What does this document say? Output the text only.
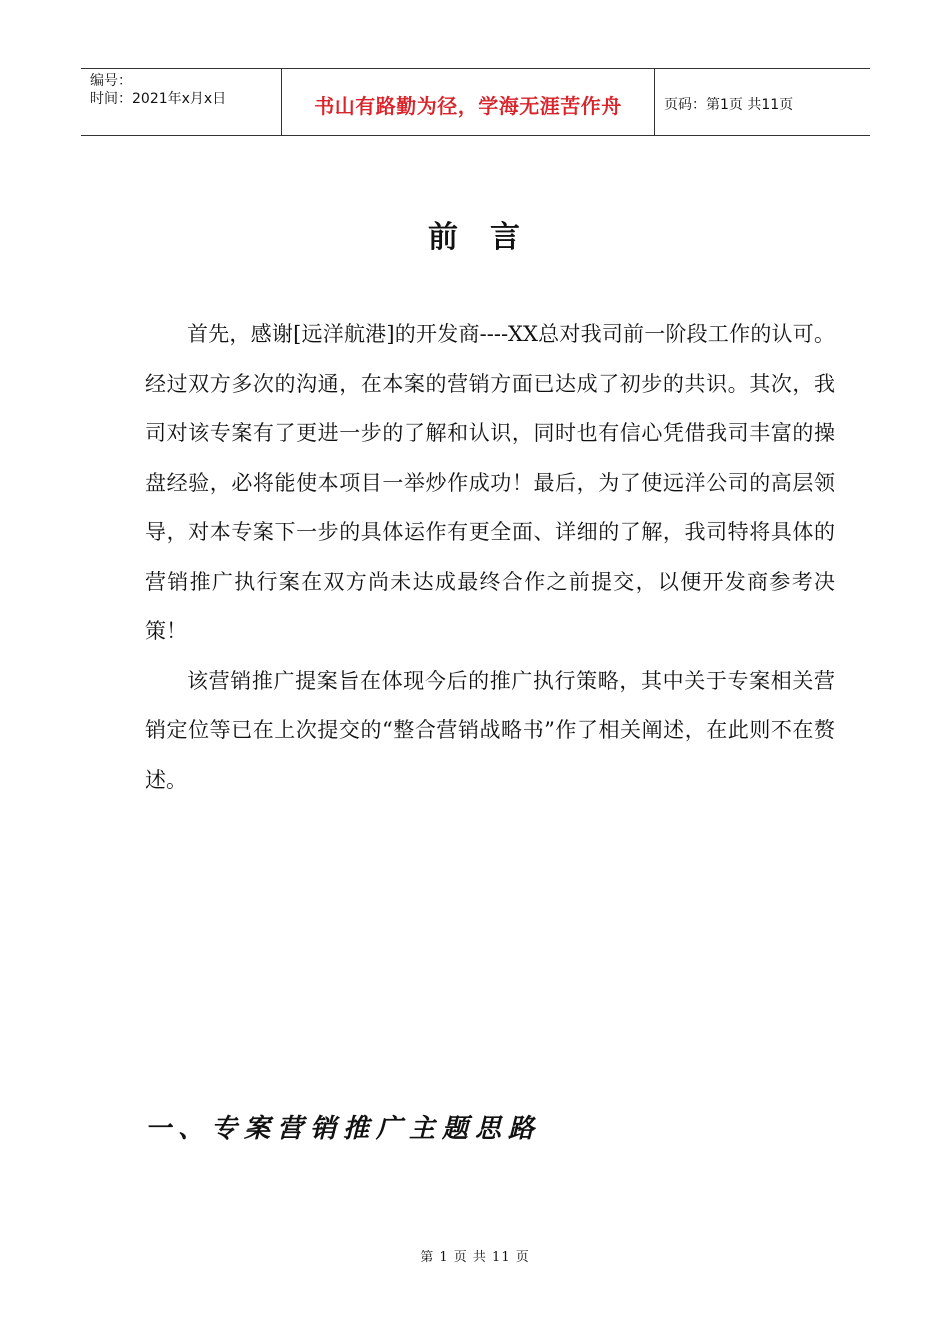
编号：
时间：2021年x月x日	书山有路勤为径，学海无涯苦作舟	页码：第1页 共11页
前 言

首先，感谢[远洋航港]的开发商----XX总对我司前一阶段工作的认可。经过双方多次的沟通，在本案的营销方面已达成了初步的共识。其次，我司对该专案有了更进一步的了解和认识，同时也有信心凭借我司丰富的操盘经验，必将能使本项目一举炒作成功！最后，为了使远洋公司的高层领导，对本专案下一步的具体运作有更全面、详细的了解，我司特将具体的营销推广执行案在双方尚未达成最终合作之前提交，以便开发商参考决策！

该营销推广提案旨在体现今后的推广执行策略，其中关于专案相关营销定位等已在上次提交的“整合营销战略书”作了相关阐述，在此则不在赘述。

一、专案营销推广主题思路
第 1 页 共 11 页
